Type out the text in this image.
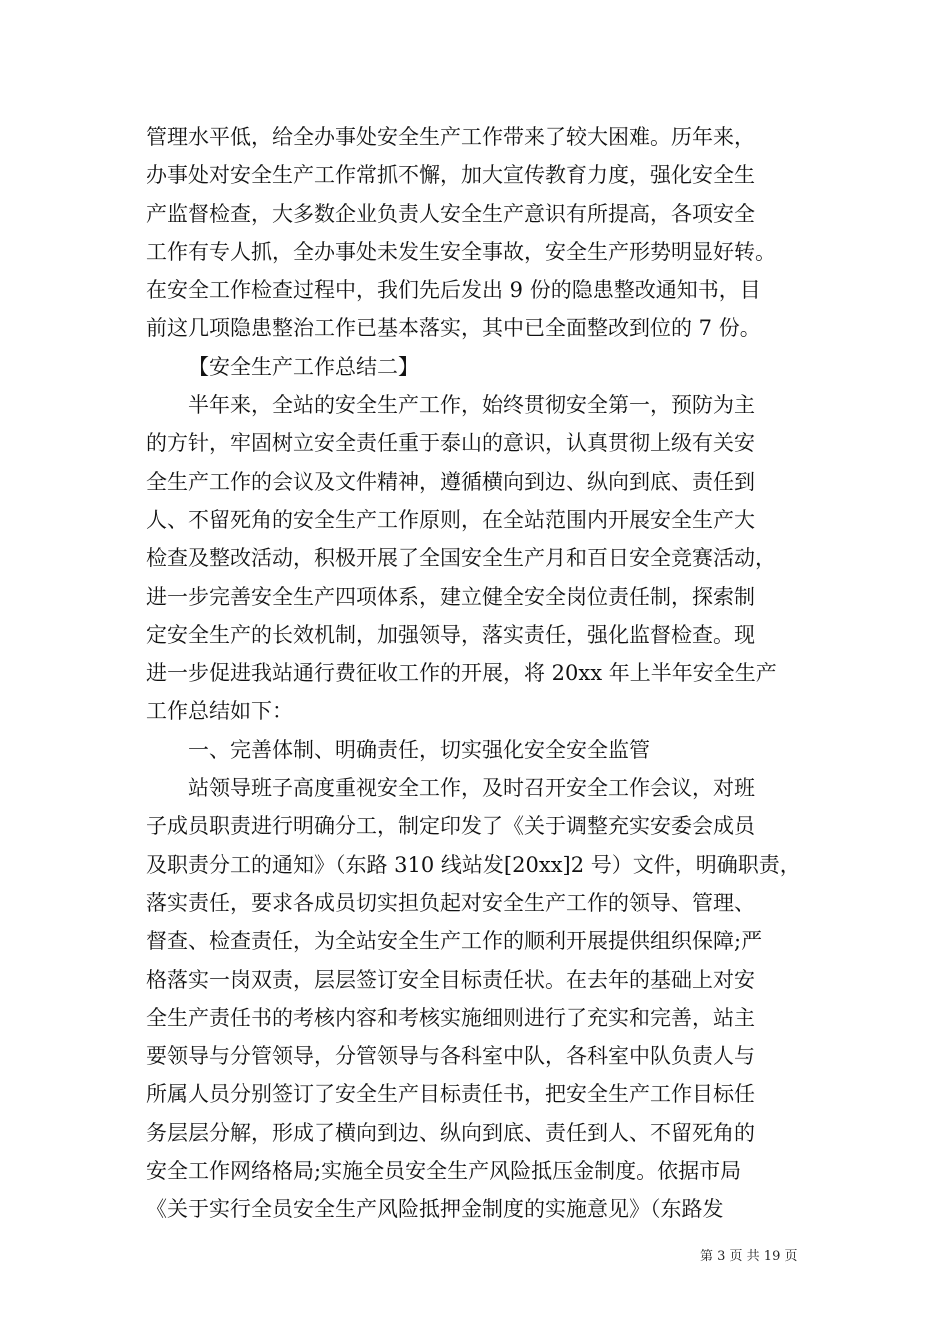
管理水平低，给全办事处安全生产工作带来了较大困难。历年来，
办事处对安全生产工作常抓不懈，加大宣传教育力度，强化安全生
产监督检查，大多数企业负责人安全生产意识有所提高，各项安全
工作有专人抓，全办事处未发生安全事故，安全生产形势明显好转。
在安全工作检查过程中，我们先后发出 9 份的隐患整改通知书，目
前这几项隐患整治工作已基本落实，其中已全面整改到位的 7 份。
【安全生产工作总结二】
半年来，全站的安全生产工作，始终贯彻安全第一，预防为主
的方针，牢固树立安全责任重于泰山的意识，认真贯彻上级有关安
全生产工作的会议及文件精神，遵循横向到边、纵向到底、责任到
人、不留死角的安全生产工作原则，在全站范围内开展安全生产大
检查及整改活动，积极开展了全国安全生产月和百日安全竞赛活动，
进一步完善安全生产四项体系，建立健全安全岗位责任制，探索制
定安全生产的长效机制，加强领导，落实责任，强化监督检查。现
进一步促进我站通行费征收工作的开展，将 20xx 年上半年安全生产
工作总结如下：
一、完善体制、明确责任，切实强化安全安全监管
站领导班子高度重视安全工作，及时召开安全工作会议，对班
子成员职责进行明确分工，制定印发了《关于调整充实安委会成员
及职责分工的通知》（东路 310 线站发[20xx]2 号）文件，明确职责，
落实责任，要求各成员切实担负起对安全生产工作的领导、管理、
督查、检查责任，为全站安全生产工作的顺利开展提供组织保障;严
格落实一岗双责，层层签订安全目标责任状。在去年的基础上对安
全生产责任书的考核内容和考核实施细则进行了充实和完善，站主
要领导与分管领导，分管领导与各科室中队，各科室中队负责人与
所属人员分别签订了安全生产目标责任书，把安全生产工作目标任
务层层分解，形成了横向到边、纵向到底、责任到人、不留死角的
安全工作网络格局;实施全员安全生产风险抵压金制度。依据市局
《关于实行全员安全生产风险抵押金制度的实施意见》（东路发
第 3 页 共 19 页
